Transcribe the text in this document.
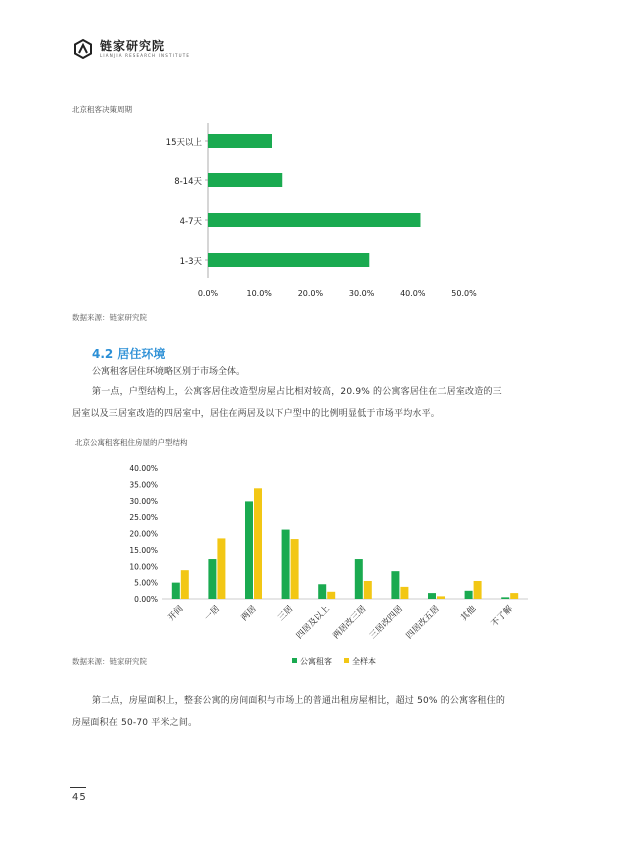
链家研究院
LIANJIA RESEARCH INSTITUTE
北京租客决策周期
15天以上
8-14天
4-7天
1-3天
0.0%	10.0%	20.0%	30.0%	40.0%	50.0%
数据来源：链家研究院
4.2 居住环境
公寓租客居住环境略区别于市场全体。
第一点，户型结构上，公寓客居住改造型房屋占比相对较高，20.9% 的公寓客居住在二居室改造的三
居室以及三居室改造的四居室中，居住在两居及以下户型中的比例明显低于市场平均水平。
北京公寓租客租住房屋的户型结构
0.00%
5.00%
10.00%
15.00%
20.00%
25.00%
30.00%
35.00%
40.00%
开间 一居 两居 三居 四居及以上 两居改三居 三居改四居 四居改五居 其他 不了解
公寓租客	全样本
数据来源：链家研究院
第二点，房屋面积上，整套公寓的房间面积与市场上的普通出租房屋相比，超过 50% 的公寓客租住的
房屋面积在 50-70 平米之间。
45
